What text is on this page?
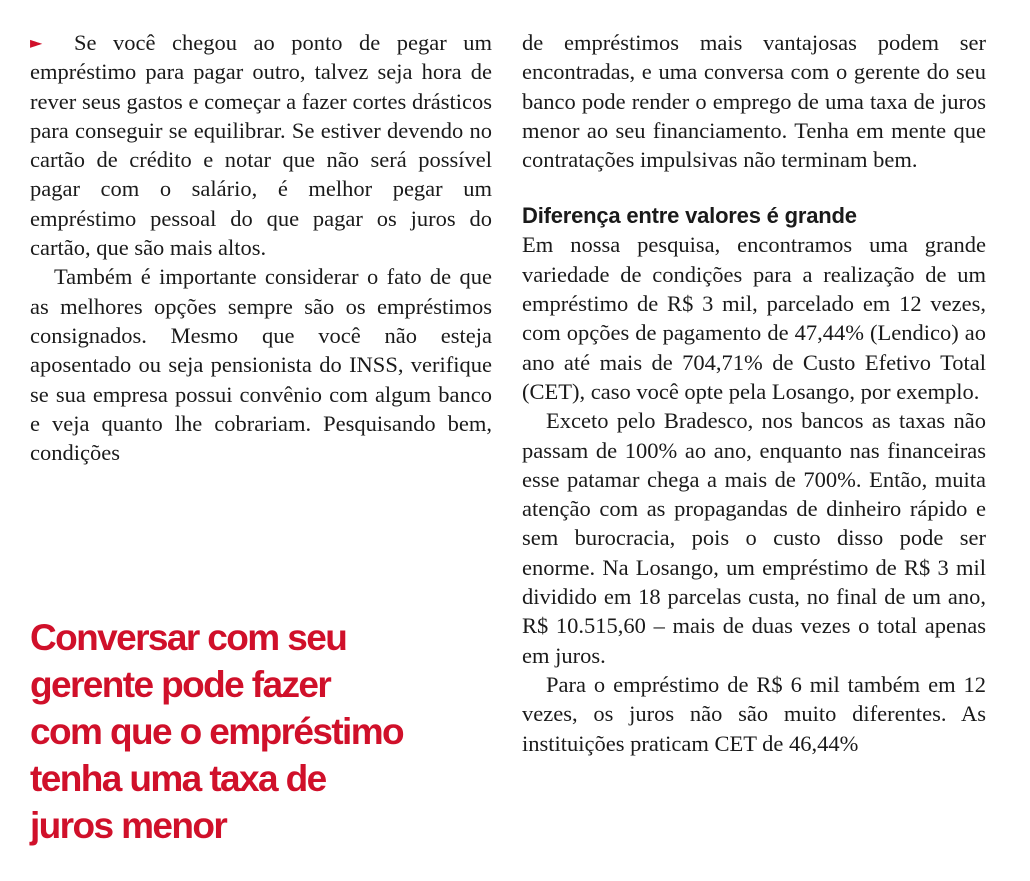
► Se você chegou ao ponto de pegar um empréstimo para pagar outro, talvez seja hora de rever seus gastos e começar a fazer cortes drásticos para conseguir se equilibrar. Se estiver devendo no cartão de crédito e notar que não será possível pagar com o salário, é melhor pegar um empréstimo pessoal do que pagar os juros do cartão, que são mais altos.

Também é importante considerar o fato de que as melhores opções sempre são os empréstimos consignados. Mesmo que você não esteja aposentado ou seja pensionista do INSS, verifique se sua empresa possui convênio com algum banco e veja quanto lhe cobrariam. Pesquisando bem, condições

Conversar com seu
gerente pode fazer
com que o empréstimo
tenha uma taxa de
juros menor

de empréstimos mais vantajosas podem ser encontradas, e uma conversa com o gerente do seu banco pode render o emprego de uma taxa de juros menor ao seu financiamento. Tenha em mente que contratações impulsivas não terminam bem.

Diferença entre valores é grande

Em nossa pesquisa, encontramos uma grande variedade de condições para a realização de um empréstimo de R$ 3 mil, parcelado em 12 vezes, com opções de pagamento de 47,44% (Lendico) ao ano até mais de 704,71% de Custo Efetivo Total (CET), caso você opte pela Losango, por exemplo.

Exceto pelo Bradesco, nos bancos as taxas não passam de 100% ao ano, enquanto nas financeiras esse patamar chega a mais de 700%. Então, muita atenção com as propagandas de dinheiro rápido e sem burocracia, pois o custo disso pode ser enorme. Na Losango, um empréstimo de R$ 3 mil dividido em 18 parcelas custa, no final de um ano, R$ 10.515,60 – mais de duas vezes o total apenas em juros.

Para o empréstimo de R$ 6 mil também em 12 vezes, os juros não são muito diferentes. As instituições praticam CET de 46,44%
